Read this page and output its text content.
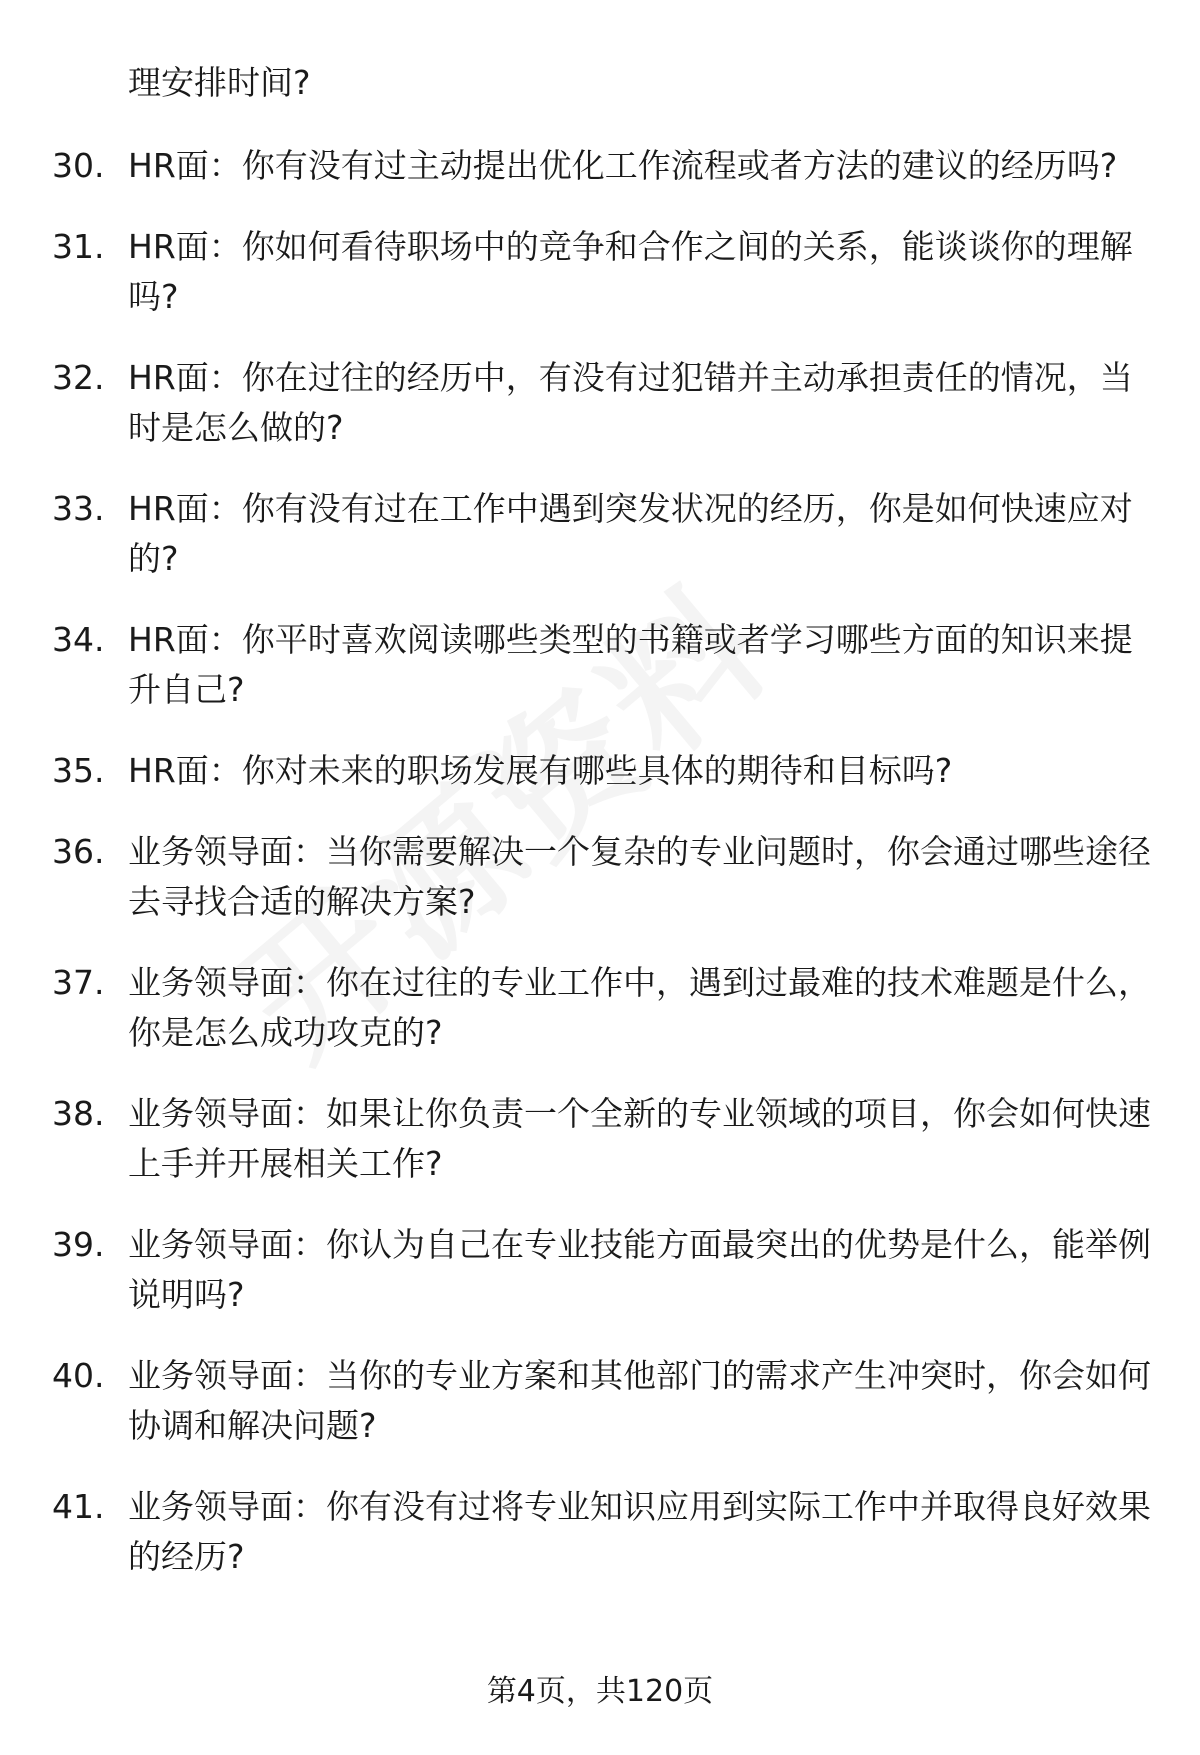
理安排时间?
30. HR面：你有没有过主动提出优化工作流程或者方法的建议的经历吗?
31. HR面：你如何看待职场中的竞争和合作之间的关系，能谈谈你的理解吗?
32. HR面：你在过往的经历中，有没有过犯错并主动承担责任的情况，当时是怎么做的?
33. HR面：你有没有过在工作中遇到突发状况的经历，你是如何快速应对的?
34. HR面：你平时喜欢阅读哪些类型的书籍或者学习哪些方面的知识来提升自己?
35. HR面：你对未来的职场发展有哪些具体的期待和目标吗?
36. 业务领导面：当你需要解决一个复杂的专业问题时，你会通过哪些途径去寻找合适的解决方案?
37. 业务领导面：你在过往的专业工作中，遇到过最难的技术难题是什么，你是怎么成功攻克的?
38. 业务领导面：如果让你负责一个全新的专业领域的项目，你会如何快速上手并开展相关工作?
39. 业务领导面：你认为自己在专业技能方面最突出的优势是什么，能举例说明吗?
40. 业务领导面：当你的专业方案和其他部门的需求产生冲突时，你会如何协调和解决问题?
41. 业务领导面：你有没有过将专业知识应用到实际工作中并取得良好效果的经历?
第4页，共120页
